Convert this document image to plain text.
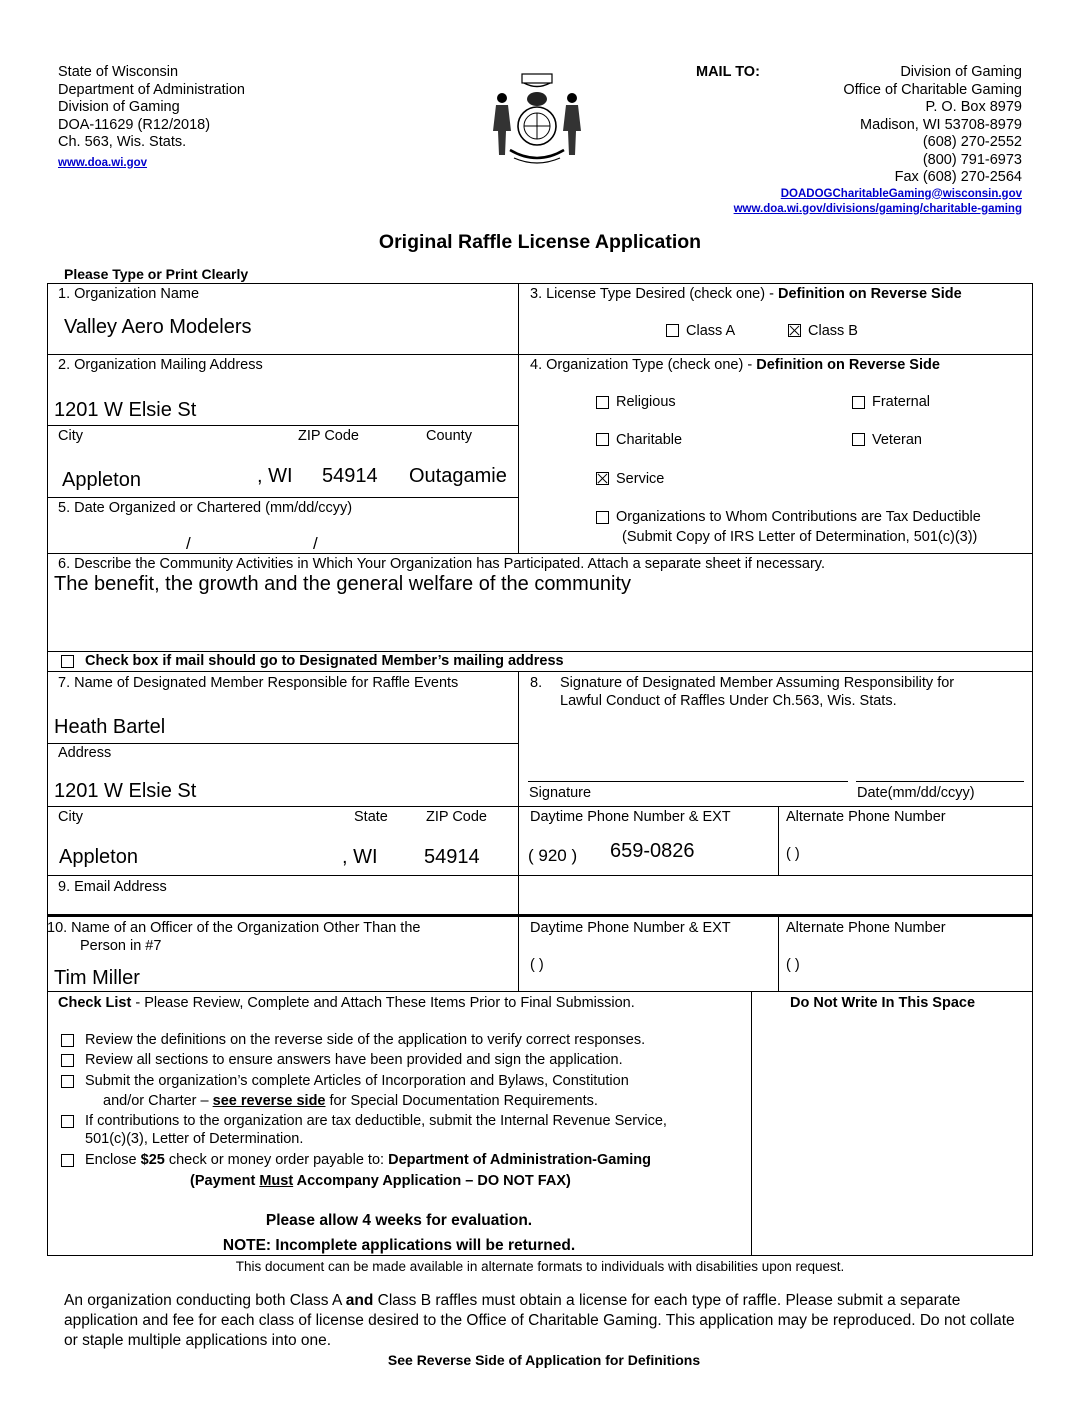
State of Wisconsin
Department of Administration
Division of Gaming
DOA-11629 (R12/2018)
Ch. 563, Wis. Stats.
www.doa.wi.gov
MAIL TO:	Division of Gaming
Office of Charitable Gaming
P. O. Box 8979
Madison, WI 53708-8979
(608) 270-2552
(800) 791-6973
Fax (608) 270-2564
DOADOGCharitableGaming@wisconsin.gov
www.doa.wi.gov/divisions/gaming/charitable-gaming
Original Raffle License Application
Please Type or Print Clearly
1. Organization Name
Valley Aero Modelers
2. Organization Mailing Address
1201 W Elsie St
City	ZIP Code	County
Appleton	, WI 54914 Outagamie
5. Date Organized or Chartered (mm/dd/ccyy)
/	/
3. License Type Desired (check one) - Definition on Reverse Side
Class A	Class B
4. Organization Type (check one) - Definition on Reverse Side
Religious	Fraternal
Charitable	Veteran
Service
Organizations to Whom Contributions are Tax Deductible
(Submit Copy of IRS Letter of Determination, 501(c)(3))
6. Describe the Community Activities in Which Your Organization has Participated. Attach a separate sheet if necessary.
The benefit, the growth and the general welfare of the community
Check box if mail should go to Designated Member’s mailing address
7. Name of Designated Member Responsible for Raffle Events
Heath Bartel
Address
1201 W Elsie St
City	State	ZIP Code
Appleton	, WI 54914
8. Signature of Designated Member Assuming Responsibility for
Lawful Conduct of Raffles Under Ch.563, Wis. Stats.
Signature	Date(mm/dd/ccyy)
Daytime Phone Number & EXT	Alternate Phone Number
( 920 ) 659-0826	( )
9. Email Address
10. Name of an Officer of the Organization Other Than the
Person in #7
Tim Miller
Daytime Phone Number & EXT	Alternate Phone Number
( )	( )
Check List - Please Review, Complete and Attach These Items Prior to Final Submission.	Do Not Write In This Space
Review the definitions on the reverse side of the application to verify correct responses.
Review all sections to ensure answers have been provided and sign the application.
Submit the organization’s complete Articles of Incorporation and Bylaws, Constitution
and/or Charter – see reverse side for Special Documentation Requirements.
If contributions to the organization are tax deductible, submit the Internal Revenue Service,
501(c)(3), Letter of Determination.
Enclose $25 check or money order payable to: Department of Administration-Gaming
(Payment Must Accompany Application – DO NOT FAX)
Please allow 4 weeks for evaluation.
NOTE: Incomplete applications will be returned.
This document can be made available in alternate formats to individuals with disabilities upon request.
An organization conducting both Class A and Class B raffles must obtain a license for each type of raffle. Please submit a separate application and fee for each class of license desired to the Office of Charitable Gaming. This application may be reproduced. Do not collate or staple multiple applications into one.
See Reverse Side of Application for Definitions
